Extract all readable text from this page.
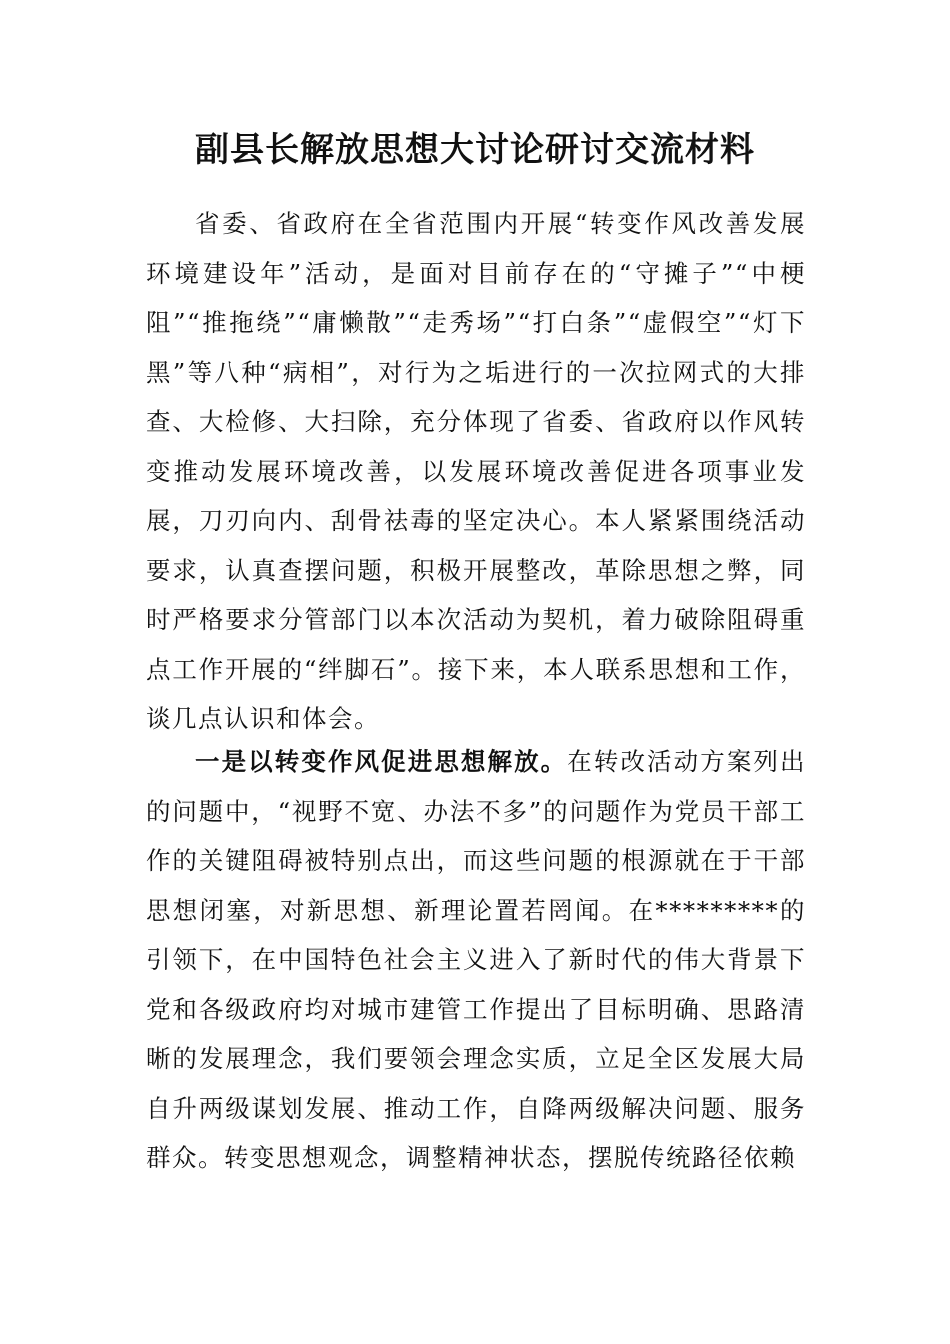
副县长解放思想大讨论研讨交流材料

省委、省政府在全省范围内开展“转变作风改善发展环境建设年”活动，是面对目前存在的“守摊子”“中梗阻”“推拖绕”“庸懒散”“走秀场”“打白条”“虚假空”“灯下黑”等八种“病相”，对行为之垢进行的一次拉网式的大排查、大检修、大扫除，充分体现了省委、省政府以作风转变推动发展环境改善，以发展环境改善促进各项事业发展，刀刃向内、刮骨祛毒的坚定决心。本人紧紧围绕活动要求，认真查摆问题，积极开展整改，革除思想之弊，同时严格要求分管部门以本次活动为契机，着力破除阻碍重点工作开展的“绊脚石”。接下来，本人联系思想和工作，谈几点认识和体会。

一是以转变作风促进思想解放。在转改活动方案列出的问题中，“视野不宽、办法不多”的问题作为党员干部工作的关键阻碍被特别点出，而这些问题的根源就在于干部思想闭塞，对新思想、新理论置若罔闻。在*********的引领下，在中国特色社会主义进入了新时代的伟大背景下党和各级政府均对城市建管工作提出了目标明确、思路清晰的发展理念，我们要领会理念实质，立足全区发展大局自升两级谋划发展、推动工作，自降两级解决问题、服务群众。转变思想观念，调整精神状态，摆脱传统路径依赖
